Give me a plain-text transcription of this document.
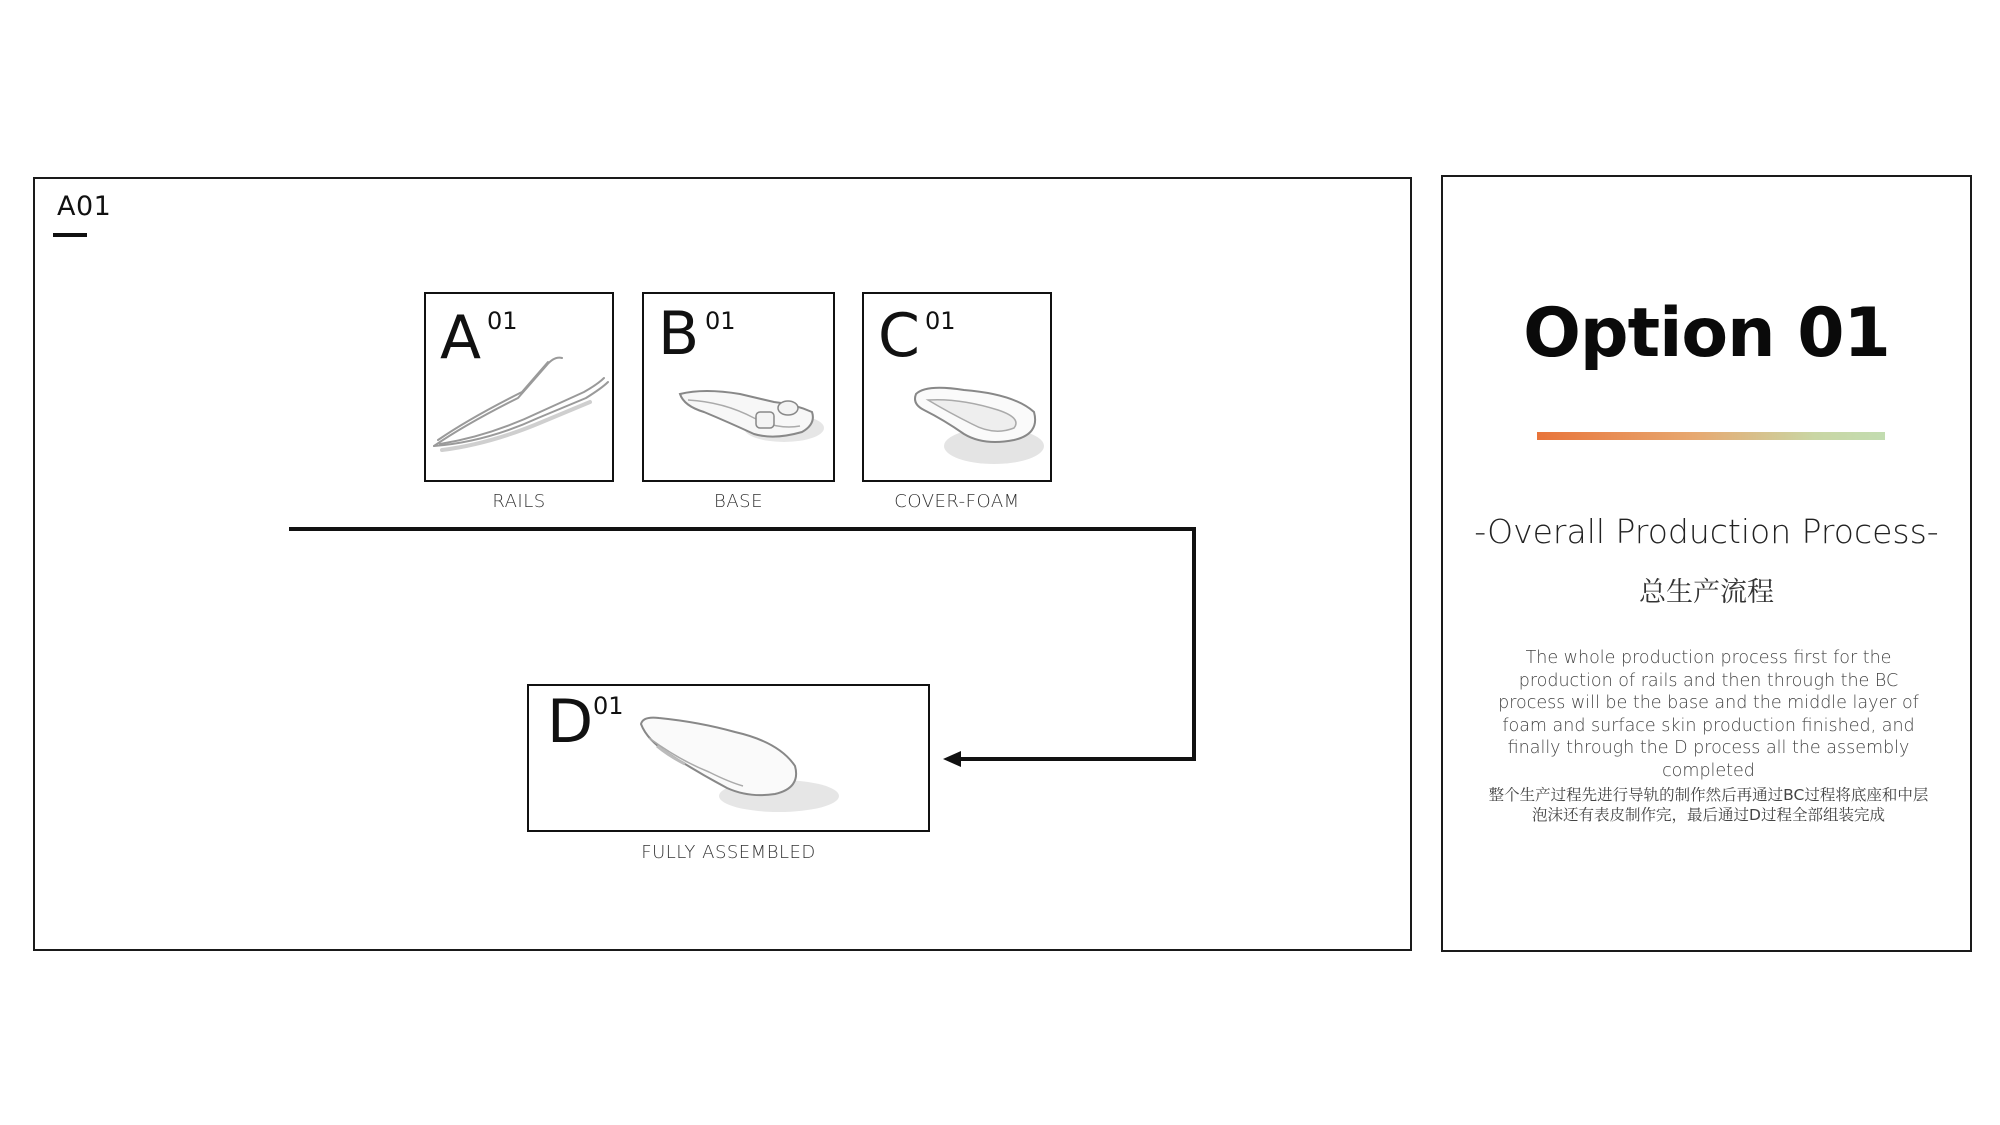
A01
A 01
RAILS
B 01
BASE
C 01
COVER-FOAM
D 01
FULLY ASSEMBLED
Option 01
-Overall Production Process-
总生产流程
The whole production process first for the production of rails and then through the BC process will be the base and the middle layer of foam and surface skin production finished, and finally through the D process all the assembly completed
整个生产过程先进行导轨的制作然后再通过BC过程将底座和中层泡沫还有表皮制作完，最后通过D过程全部组装完成
